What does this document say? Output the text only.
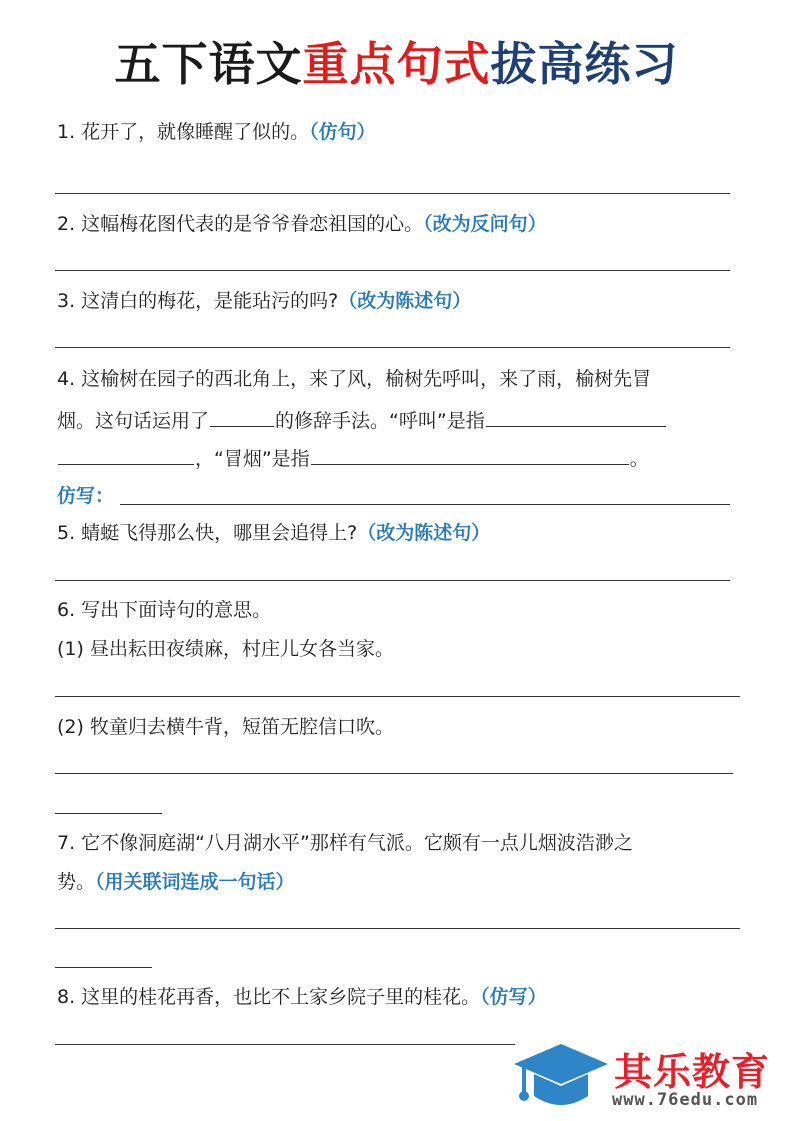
五下语文重点句式拔高练习
1. 花开了，就像睡醒了似的。（仿句）
2. 这幅梅花图代表的是爷爷眷恋祖国的心。（改为反问句）
3. 这清白的梅花，是能玷污的吗?（改为陈述句）
4. 这榆树在园子的西北角上，来了风，榆树先呼叫，来了雨，榆树先冒
烟。这句话运用了	的修辞手法。“呼叫”是指
，“冒烟”是指	。
仿写：
5. 蜻蜓飞得那么快，哪里会追得上?（改为陈述句）
6. 写出下面诗句的意思。
(1) 昼出耘田夜绩麻，村庄儿女各当家。
(2) 牧童归去横牛背，短笛无腔信口吹。
7. 它不像洞庭湖“八月湖水平”那样有气派。它颇有一点儿烟波浩渺之
势。（用关联词连成一句话）
8. 这里的桂花再香，也比不上家乡院子里的桂花。（仿写）
其乐教育
www.76edu.com
